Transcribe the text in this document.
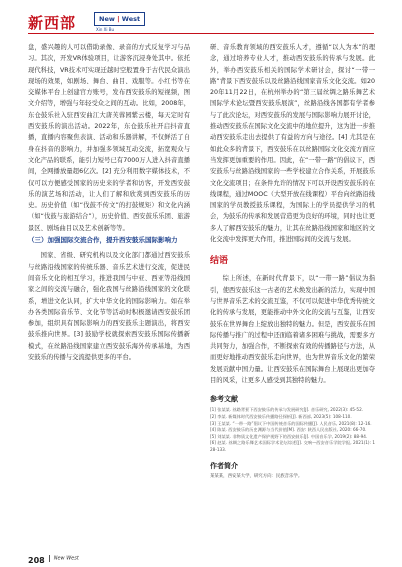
新西部	New | West
Xin Xi Bu

盘，盛兴趣的人可以借助录像、录音的方式反复学习与品习。其次，开发VR体验项目，让游客沉浸身处其中。依托现代科技，VR技术可实现迁越时空般置身于古代民众演出现场的效果，如剧场、舞台、曲目、戏服等。小红书等在交媒体平台上创建官方账号，发布西安鼓乐的短视频，图文介绍等，增强与年轻受众之间的互动。比如，2008年，东仓鼓乐社入驻西安曲江大唐芙蓉园紫云楼，每天定时有西安鼓乐的演出活动。2022年，东仓鼓乐社开启抖音直播，直播内容聚焦表演、活动和乐器讲解，不仅鲜活了自身在抖音的影响力，并加强多领域互动交流，拓宽观众与文化产品的联系，能引力短号已有7000万人进入抖音直播间，全网播放量超6亿次。[2] 充分利用数字媒体技术，不仅可以方便感受国家的历史来的学者和访客，开发西安鼓乐的演艺场和活动，让人们了解和欣赏到西安鼓乐的历史。历史价值（如“伐鼓不传文”的打鼓规矩）和文化内涵（如“伐鼓与旅游结合”），历史价值、西安鼓乐乐团、旅游景区、剧场曲目以及艺术创新等等。

（三）加强国际交流合作，提升西安鼓乐国际影响力

国家、省级、研究机构以及文化部门都通过西安鼓乐与丝路沿线国家的传统乐器、音乐艺术进行交流，促进民间音乐文化的相互学习，推进我国与中亚、西亚等沿线国家之间的交流与融合，强化我国与丝路沿线国家的文化联系，增进文化认同，扩大中华文化的国际影响力。如在举办各类国际音乐节、文化节等活动时积极邀请西安鼓乐团参加，组织具有国际影响力的西安鼓乐主题演出，将西安鼓乐推向世界。[3] 鼓励学校就探索西安鼓乐国际传播新模式，在丝路沿线国家建立西安鼓乐海外传承基地，为西安鼓乐的传播与交流提供更多的平台。

研、音乐教育领域的西安鼓乐人才，遵循“以人为本”的理念，通过培养专业人才，推动西安鼓乐的传承与发展。此外，举办西安鼓乐相关的国际学术研讨会，探讨“一带一路”背景下西安鼓乐以及丝路沿线国家音乐文化交流。如2020年11月22日，在杭州举办的“第三届丝绸之路乐舞艺术国际学术论坛暨西安鼓乐展演”，丝路沿线各国都有学者参与了此次论坛，对西安鼓乐的发展与国际影响力展开讨论，推动西安鼓乐在国际文化交流中的地位提升，这为进一步推动西安鼓乐走出去提供了有益的方向与途径。[4] 尤其是在如此众多的背景下，西安鼓乐在以丝路国际文化交流方面应当发挥更加重要的作用。因此，在“一带一路”的倡议下，西安鼓乐与丝路沿线国家的一些学校建立合作关系，开展鼓乐文化交流项目；在条件允许的情况下可以开设西安鼓乐的在线课程，通过MOOC（大型开放在线课程）平台向丝路沿线国家的学员教授鼓乐课程，为国际上的学员提供学习的机会，为鼓乐的传承和发展营造更为良好的环境，同时也让更多人了解西安鼓乐的魅力，让其在丝路沿线国家和地区的文化交流中发挥更大作用，推进国际间的交流与发展。

结语

综上所述，在新时代背景下，以“一带一路”倡议为指引，使西安鼓乐这一古老的艺术焕发出新的活力，实现中国与世界音乐艺术的交流互鉴，不仅可以促进中华优秀传统文化的传承与发展，更能推动中外文化的交流与互鉴，让西安鼓乐在世界舞台上绽放出独特的魅力。但是，西安鼓乐在国际传播与推广的过程中还面临着诸多困难与挑战，需要多方共同努力，加强合作，不断探索有效的传播路径与方法，从而更好地推动西安鼓乐走向世界，也为世界音乐文化的繁荣发展贡献中国力量。让西安鼓乐在国际舞台上展现出更加夺目的风采，让更多人感受到其独特的魅力。

参考文献
[1] 张某某. 丝路背景下西安鼓乐的传承与发展研究[J]. 音乐研究, 2022(3): 45-52.
[2] 李某. 新媒体时代西安鼓乐传播路径探析[J]. 新西部, 2023(5): 108-110.
[3] 王某某. “一带一路”倡议下中国传统音乐的国际传播[J]. 人民音乐, 2021(8): 12-16.
[4] 陈某. 西安鼓乐的历史渊源与当代价值[M]. 西安: 陕西人民出版社, 2020: 66-70.
[5] 刘某某. 非物质文化遗产保护视野下的西安鼓乐[J]. 中国音乐学, 2019(2): 88-94.
[6] 赵某. 丝绸之路乐舞艺术国际学术论坛综述[J]. 交响—西安音乐学院学报, 2021(1): 128-133.
作者简介
某某某，西安某大学，研究方向：民族音乐学。
208 New West
